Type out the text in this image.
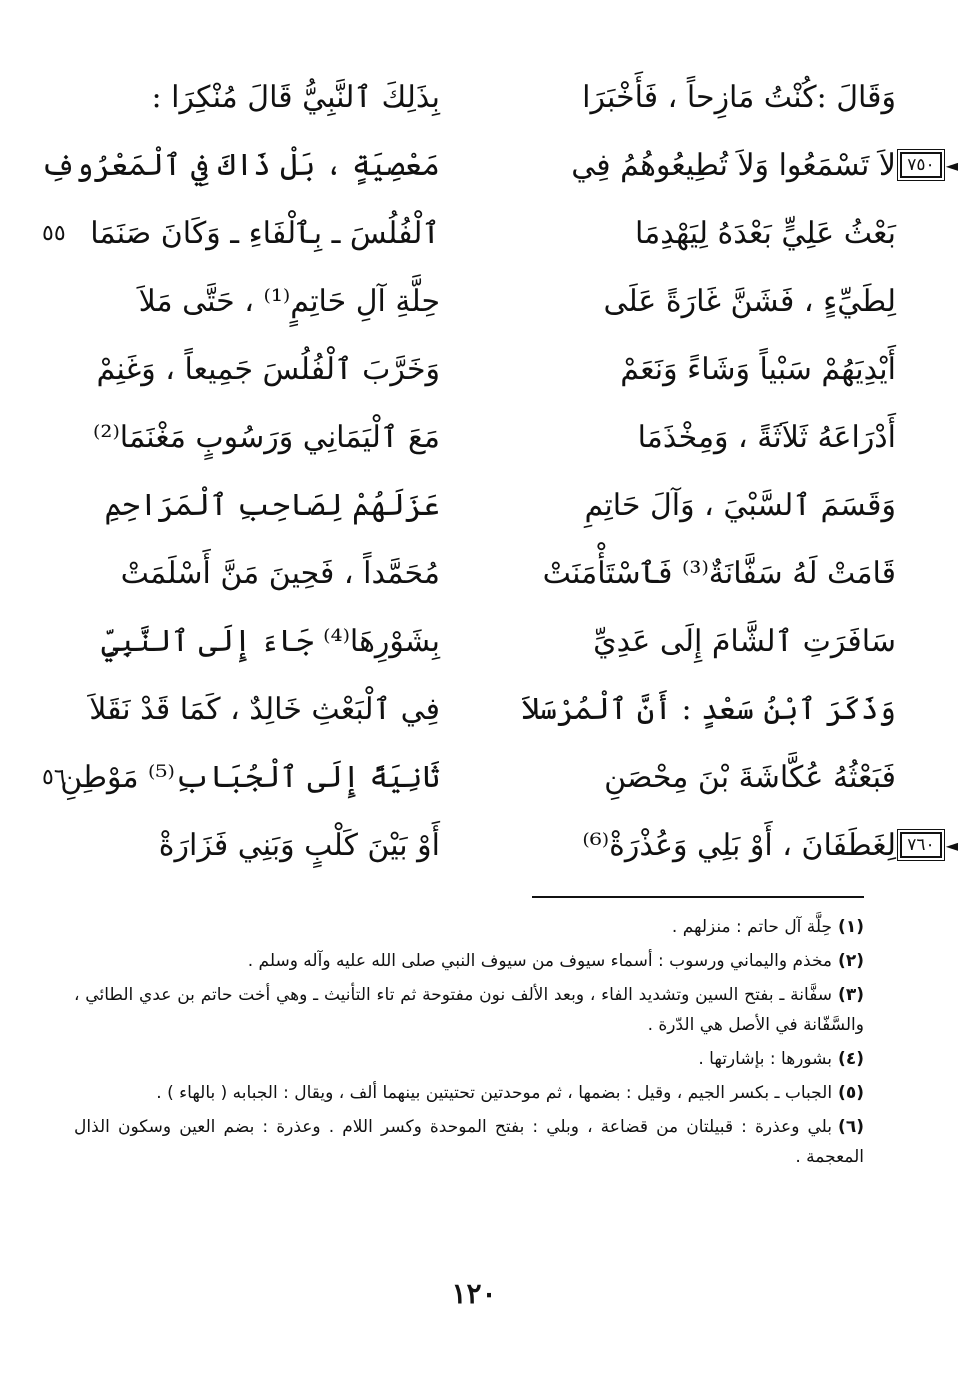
وَقَالَ :كُنْتُ مَازِحاً ، فَأَخْبَرَا
بِذَلِكَ ٱلنَّبِيُّ قَالَ مُنْكِرَا :
لاَ تَسْمَعُوا وَلاَ تُطِيعُوهُمُ فِي
مَعْصِيَةٍ ، بَلْ ذَاكَ فِي ٱلْمَعْرُوفِ	٧٥٠ ◄
بَعْثُ عَلِيٍّ بَعْدَهُ لِيَهْدِمَا
ٱلْفُلُسَ ـ بِٱلْفَاءِ ـ وَكَانَ صَنَمَا
٥٥
لِطَيِّءٍ ، فَشَنَّ غَارَةً عَلَى
حِلَّةِ آلِ حَاتِمٍ⁽¹⁾ ، حَتَّى مَلاَ
أَيْدِيَهُمْ سَبْياً وَشَاءً وَنَعَمْ
وَخَرَّبَ ٱلْفُلُسَ جَمِيعاً ، وَغَنِمْ
أَدْرَاعَهُ ثَلاَثَةً ، وَمِخْذَمَا
مَعَ ٱلْيَمَانِي وَرَسُوبٍ مَغْنَمَا⁽²⁾
وَقَسَمَ ٱلسَّبْيَ ، وَآلَ حَاتِمِ
عَزَلَهُمْ لِصَاحِبِ ٱلْمَرَاحِمِ
قَامَتْ لَهُ سَفَّانَةٌ⁽³⁾ فَٱسْتَأْمَنَتْ
مُحَمَّداً ، فَحِينَ مَنَّ أَسْلَمَتْ
سَافَرَتِ ٱلشَّامَ إِلَى عَدِيِّ
بِشَوْرِهَا⁽⁴⁾ جَاءَ إِلَى ٱلنَّبِيِّ
وَذَكَرَ ٱبْنُ سَعْدٍ : أَنَّ ٱلْمُرْسَلاَ
فِي ٱلْبَعْثِ خَالِدٌ ، كَمَا قَدْ نَقَلاَ
فَبَعْثُهُ عُكَّاشَةَ بْنَ مِحْصَنِ
ثَانِيَةً إِلَى ٱلْجُبَابِ⁽⁵⁾ مَوْطِنِ
٥٦
لِغَطَفَانَ ، أَوْ بَلِي وَعُذْرَةْ⁽⁶⁾
أَوْ بَيْنَ كَلْبٍ وَبَنِي فَزَارَةْ	٧٦٠ ◄
(١)حِلَّة آل حاتم : منزلهم .
(٢)مخذم واليماني ورسوب : أسماء سيوف من سيوف النبي صلى الله عليه وآله وسلم .
(٣)سفَّانة ـ بفتح السين وتشديد الفاء ، وبعد الألف نون مفتوحة ثم تاء التأنيث ـ وهي أخت حاتم بن عدي الطائي ، والسَّفّانة في الأصل هي الدّرة .
(٤)بشورها : بإشارتها .
(٥)الجباب ـ بكسر الجيم ، وقيل : بضمها ، ثم موحدتين تحتيتين بينهما ألف ، ويقال : الجبابه ( بالهاء ) .
(٦)بلي وعذرة : قبيلتان من قضاعة ، وبلي : بفتح الموحدة وكسر اللام . وعذرة : بضم العين وسكون الذال المعجمة .
١٢٠
